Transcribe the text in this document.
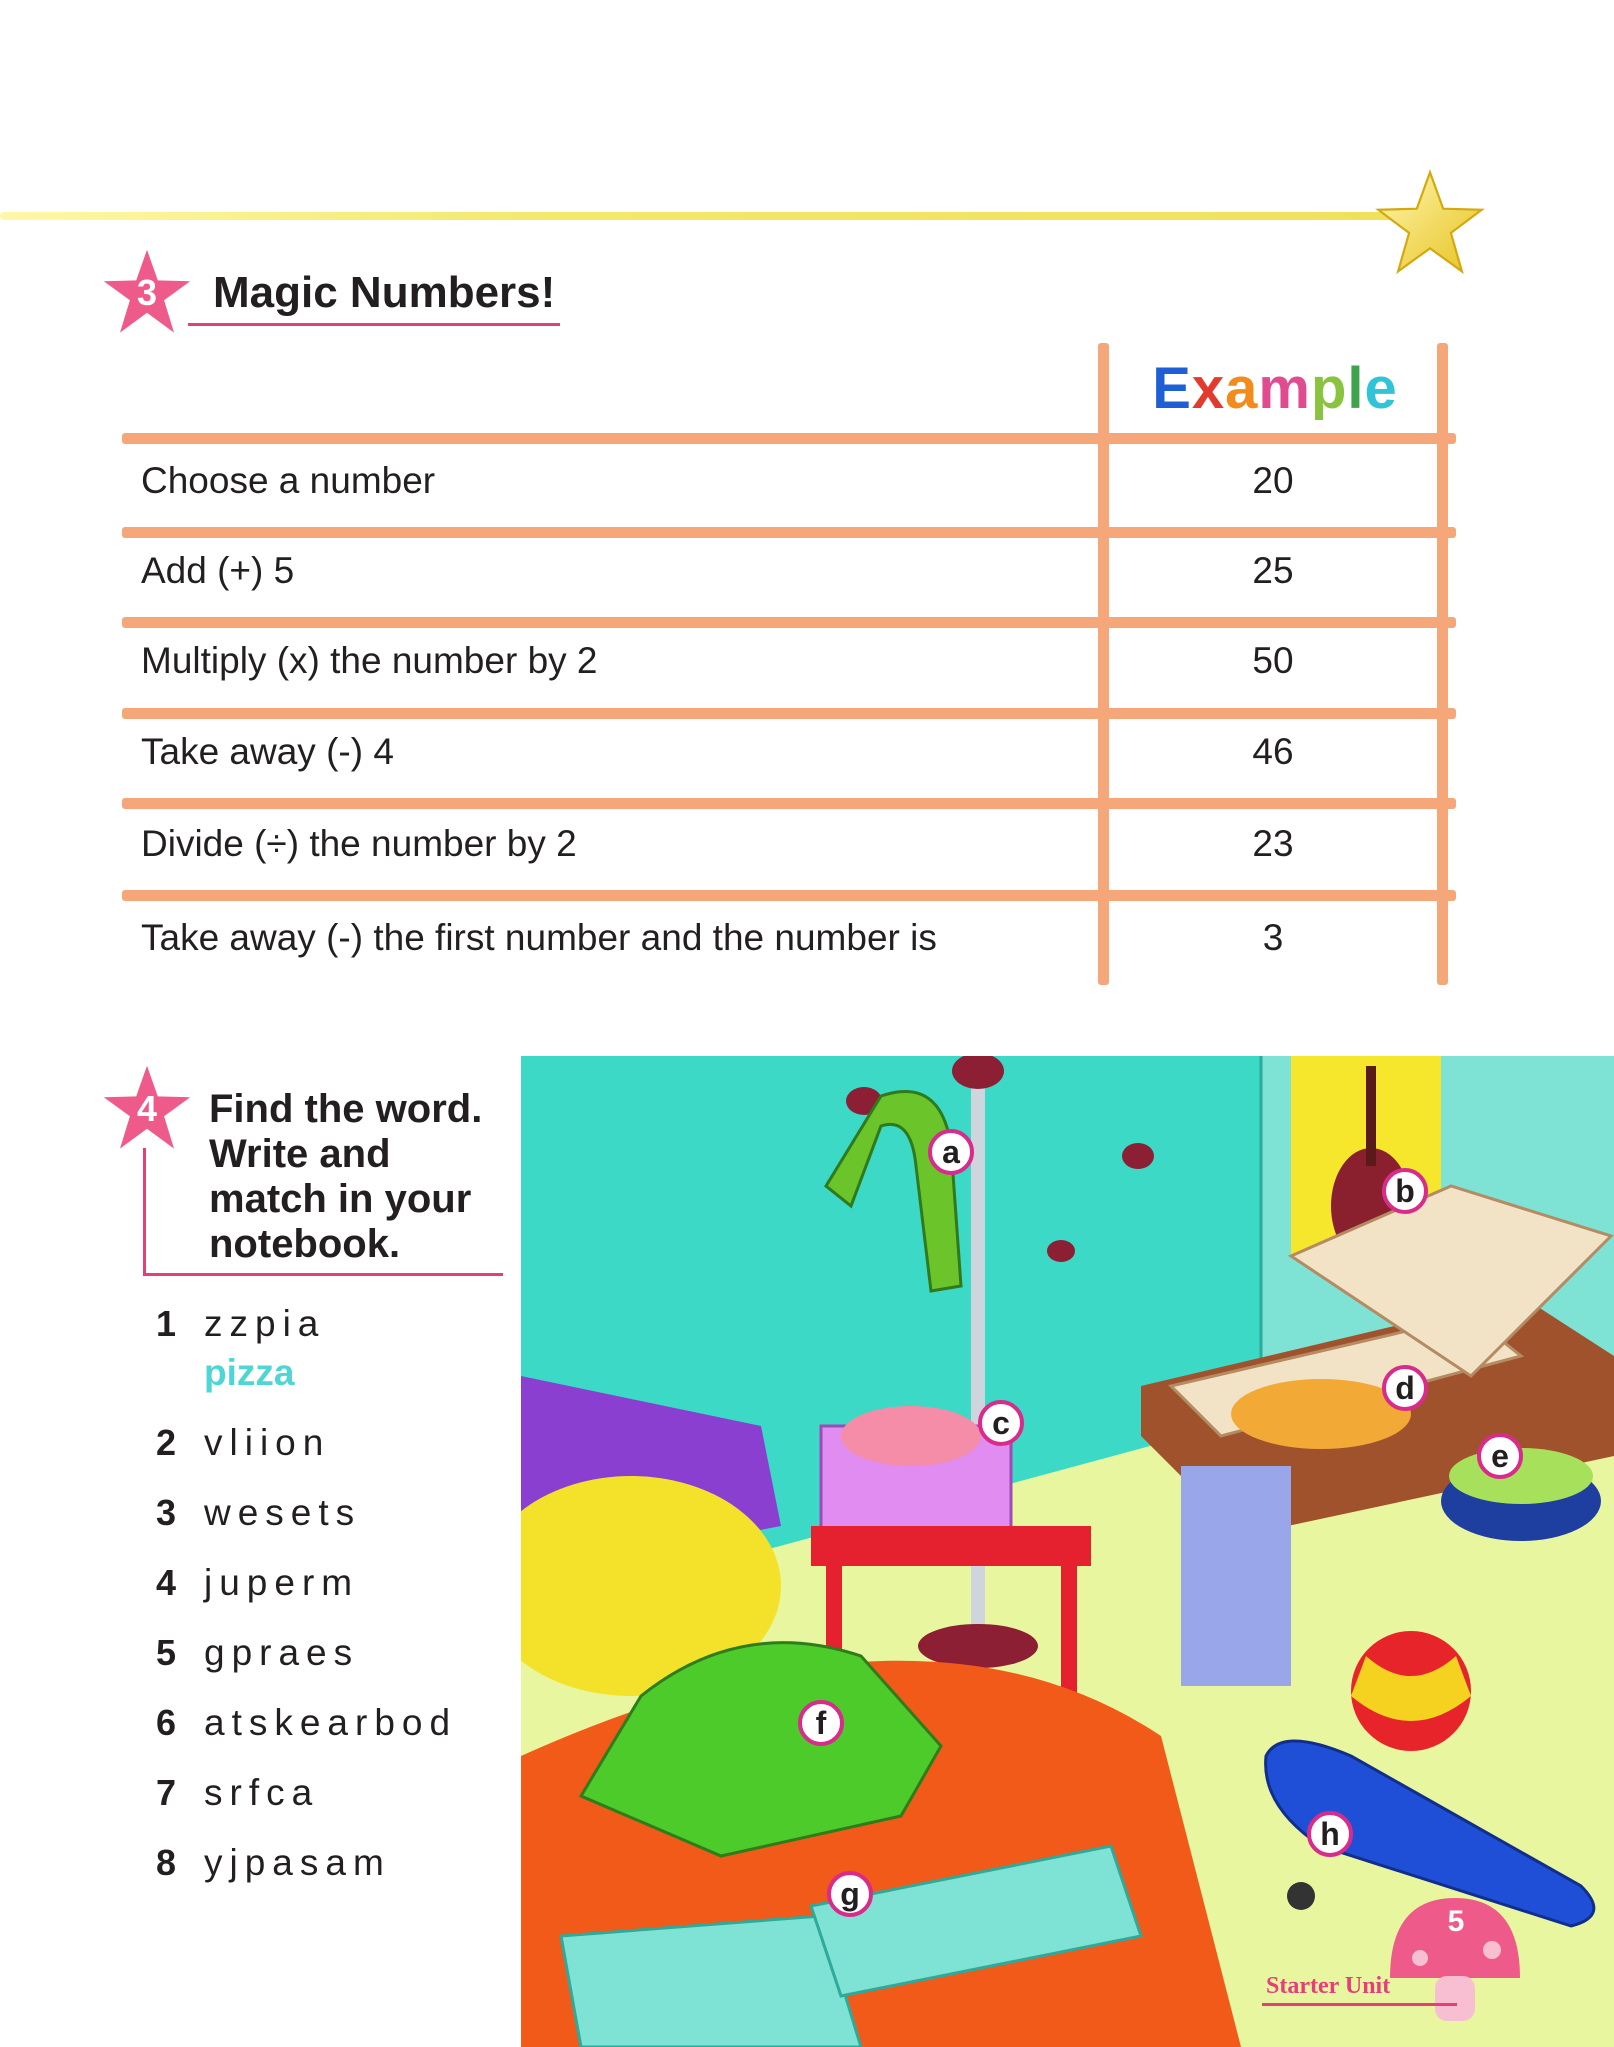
3	Magic Numbers!
Example
Choose a number	20
Add (+) 5	25
Multiply (x) the number by 2	50
Take away (-) 4	46
Divide (÷) the number by 2	23
Take away (-) the first number and the number is	3
4	Find the word.
Write and
match in your
notebook.
1 zzpia
pizza
2 vliion
3 wesets
4 juperm
5 gpraes
6 atskearbod
7 srfca
8 yjpasam
a
b
c
d
e
f
g
h
5
Starter Unit
